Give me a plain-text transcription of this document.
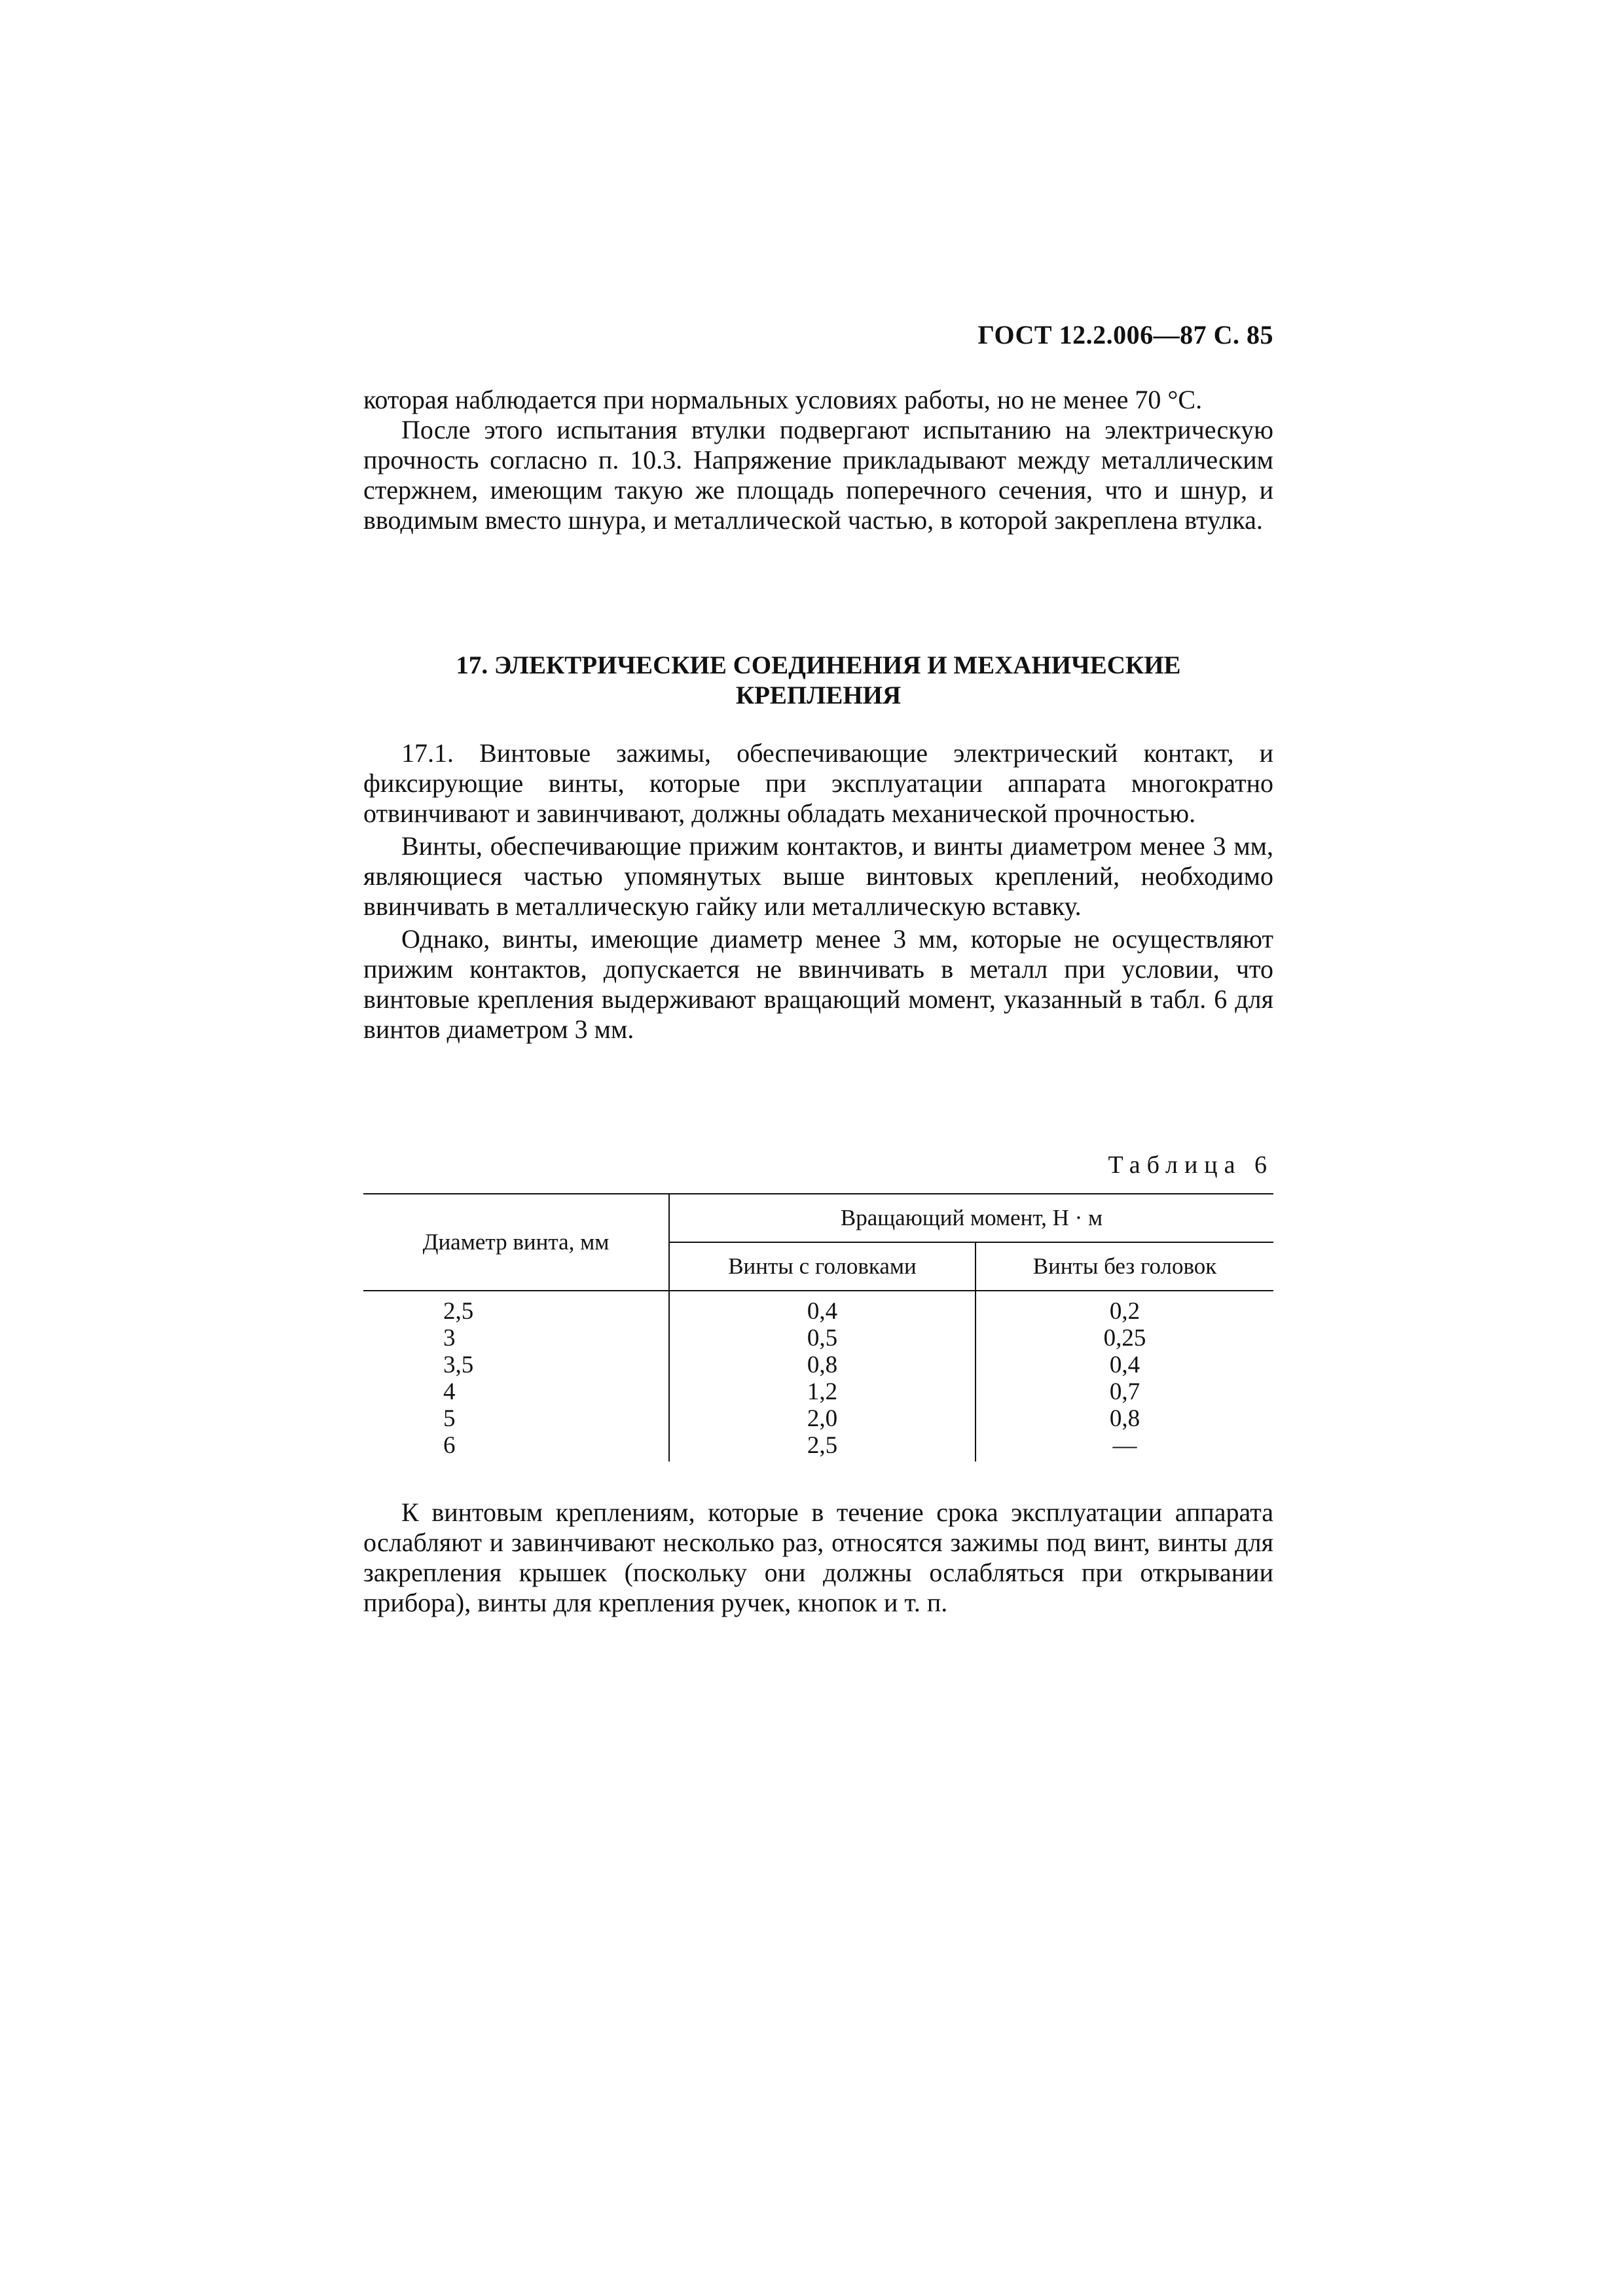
ГОСТ 12.2.006—87 С. 85

которая наблюдается при нормальных условиях работы, но не менее 70 °С.

После этого испытания втулки подвергают испытанию на электрическую прочность согласно п. 10.3. Напряжение прикладывают между металлическим стержнем, имеющим такую же площадь поперечного сечения, что и шнур, и вводимым вместо шнура, и металлической частью, в которой закреплена втулка.

17. ЭЛЕКТРИЧЕСКИЕ СОЕДИНЕНИЯ И МЕХАНИЧЕСКИЕ
КРЕПЛЕНИЯ

17.1. Винтовые зажимы, обеспечивающие электрический контакт, и фиксирующие винты, которые при эксплуатации аппарата многократно отвинчивают и завинчивают, должны обладать механической прочностью.

Винты, обеспечивающие прижим контактов, и винты диаметром менее 3 мм, являющиеся частью упомянутых выше винтовых креплений, необходимо ввинчивать в металлическую гайку или металлическую вставку.

Однако, винты, имеющие диаметр менее 3 мм, которые не осуществляют прижим контактов, допускается не ввинчивать в металл при условии, что винтовые крепления выдерживают вращающий момент, указанный в табл. 6 для винтов диаметром 3 мм.

Таблица 6
Диаметр винта, мм	Вращающий момент, Н · м	
	Винты с головками	Винты без головок
2,5	0,4	0,2
3	0,5	0,25
3,5	0,8	0,4
4	1,2	0,7
5	2,0	0,8
6	2,5	—

К винтовым креплениям, которые в течение срока эксплуатации аппарата ослабляют и завинчивают несколько раз, относятся зажимы под винт, винты для закрепления крышек (поскольку они должны ослабляться при открывании прибора), винты для крепления ручек, кнопок и т. п.
